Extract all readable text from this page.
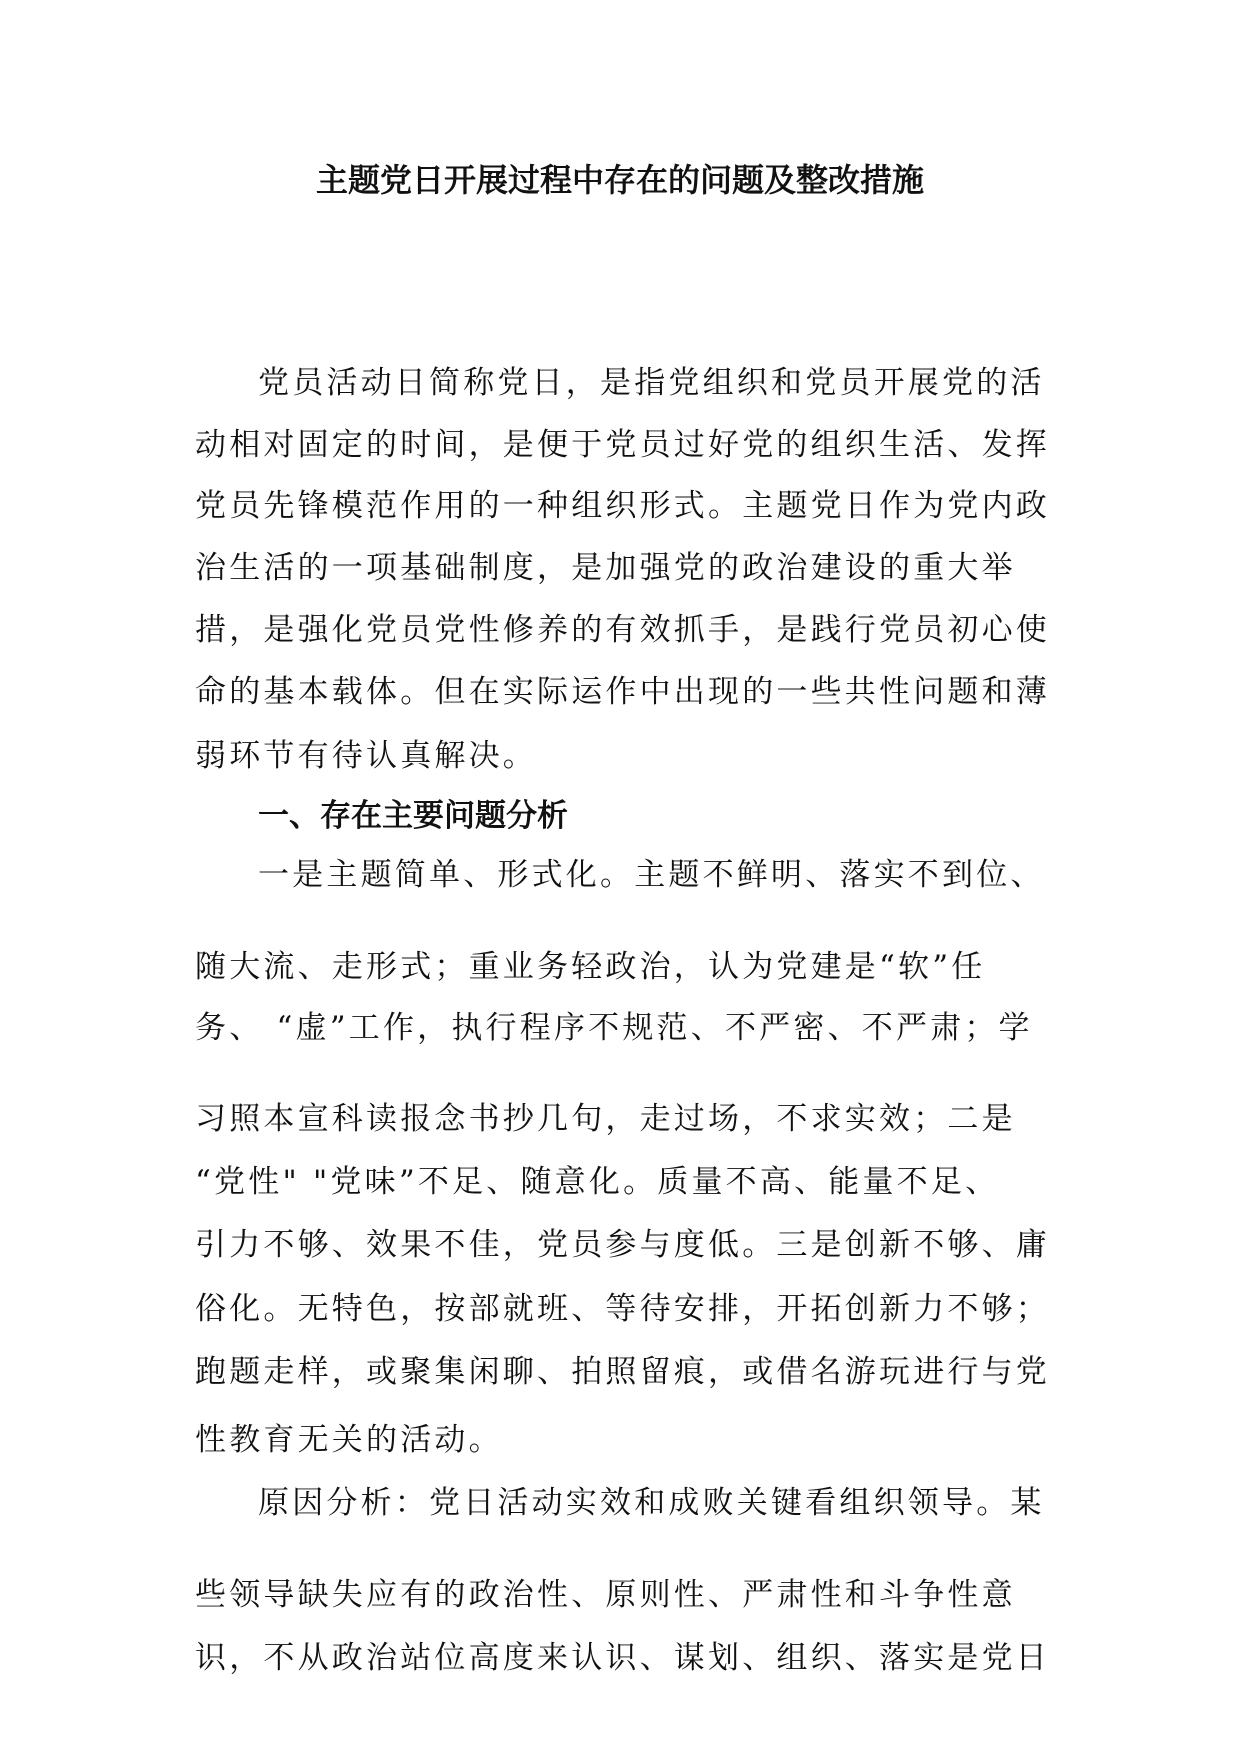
主题党日开展过程中存在的问题及整改措施

党员活动日简称党日，是指党组织和党员开展党的活

动相对固定的时间，是便于党员过好党的组织生活、发挥

党员先锋模范作用的一种组织形式。主题党日作为党内政

治生活的一项基础制度，是加强党的政治建设的重大举

措，是强化党员党性修养的有效抓手，是践行党员初心使

命的基本载体。但在实际运作中出现的一些共性问题和薄

弱环节有待认真解决。

一、存在主要问题分析

一是主题简单、形式化。主题不鲜明、落实不到位、

随大流、走形式；重业务轻政治，认为党建是“软”任

务、 “虚”工作，执行程序不规范、不严密、不严肃；学

习照本宣科读报念书抄几句，走过场，不求实效；二是

“党性" "党味”不足、随意化。质量不高、能量不足、

引力不够、效果不佳，党员参与度低。三是创新不够、庸

俗化。无特色，按部就班、等待安排，开拓创新力不够；

跑题走样，或聚集闲聊、拍照留痕，或借名游玩进行与党

性教育无关的活动。

原因分析：党日活动实效和成败关键看组织领导。某

些领导缺失应有的政治性、原则性、严肃性和斗争性意

识，不从政治站位高度来认识、谋划、组织、落实是党日
